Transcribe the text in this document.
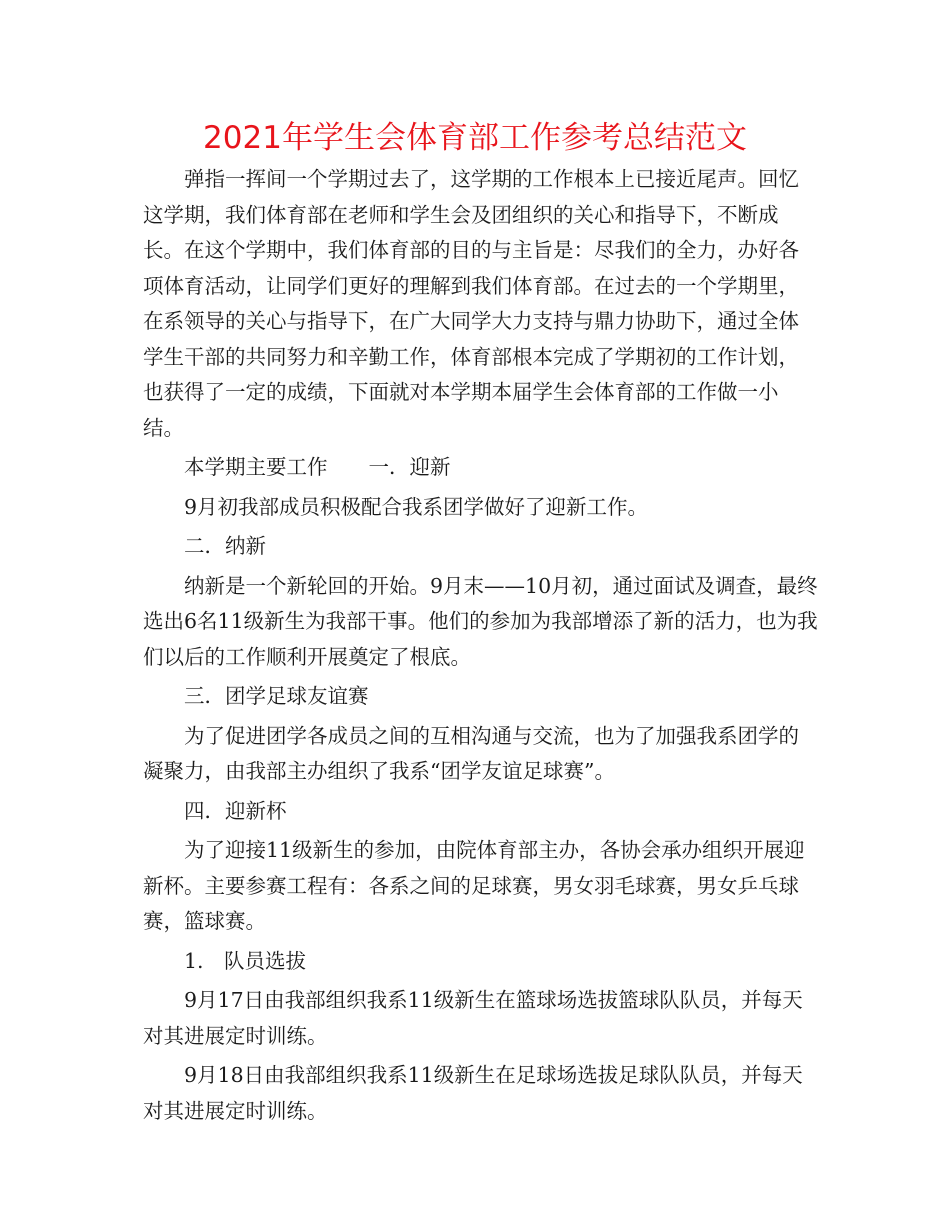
2021年学生会体育部工作参考总结范文

弹指一挥间一个学期过去了，这学期的工作根本上已接近尾声。回忆这学期，我们体育部在老师和学生会及团组织的关心和指导下，不断成长。在这个学期中，我们体育部的目的与主旨是：尽我们的全力，办好各项体育活动，让同学们更好的理解到我们体育部。在过去的一个学期里，在系领导的关心与指导下，在广大同学大力支持与鼎力协助下，通过全体学生干部的共同努力和辛勤工作，体育部根本完成了学期初的工作计划，也获得了一定的成绩，下面就对本学期本届学生会体育部的工作做一小结。

本学期主要工作　　一．迎新

9月初我部成员积极配合我系团学做好了迎新工作。

二．纳新

纳新是一个新轮回的开始。9月末——10月初，通过面试及调查，最终选出6名11级新生为我部干事。他们的参加为我部增添了新的活力，也为我们以后的工作顺利开展奠定了根底。

三．团学足球友谊赛

为了促进团学各成员之间的互相沟通与交流，也为了加强我系团学的凝聚力，由我部主办组织了我系“团学友谊足球赛”。

四．迎新杯

为了迎接11级新生的参加，由院体育部主办，各协会承办组织开展迎新杯。主要参赛工程有：各系之间的足球赛，男女羽毛球赛，男女乒乓球赛，篮球赛。

1.　队员选拔

9月17日由我部组织我系11级新生在篮球场选拔篮球队队员，并每天对其进展定时训练。

9月18日由我部组织我系11级新生在足球场选拔足球队队员，并每天对其进展定时训练。
